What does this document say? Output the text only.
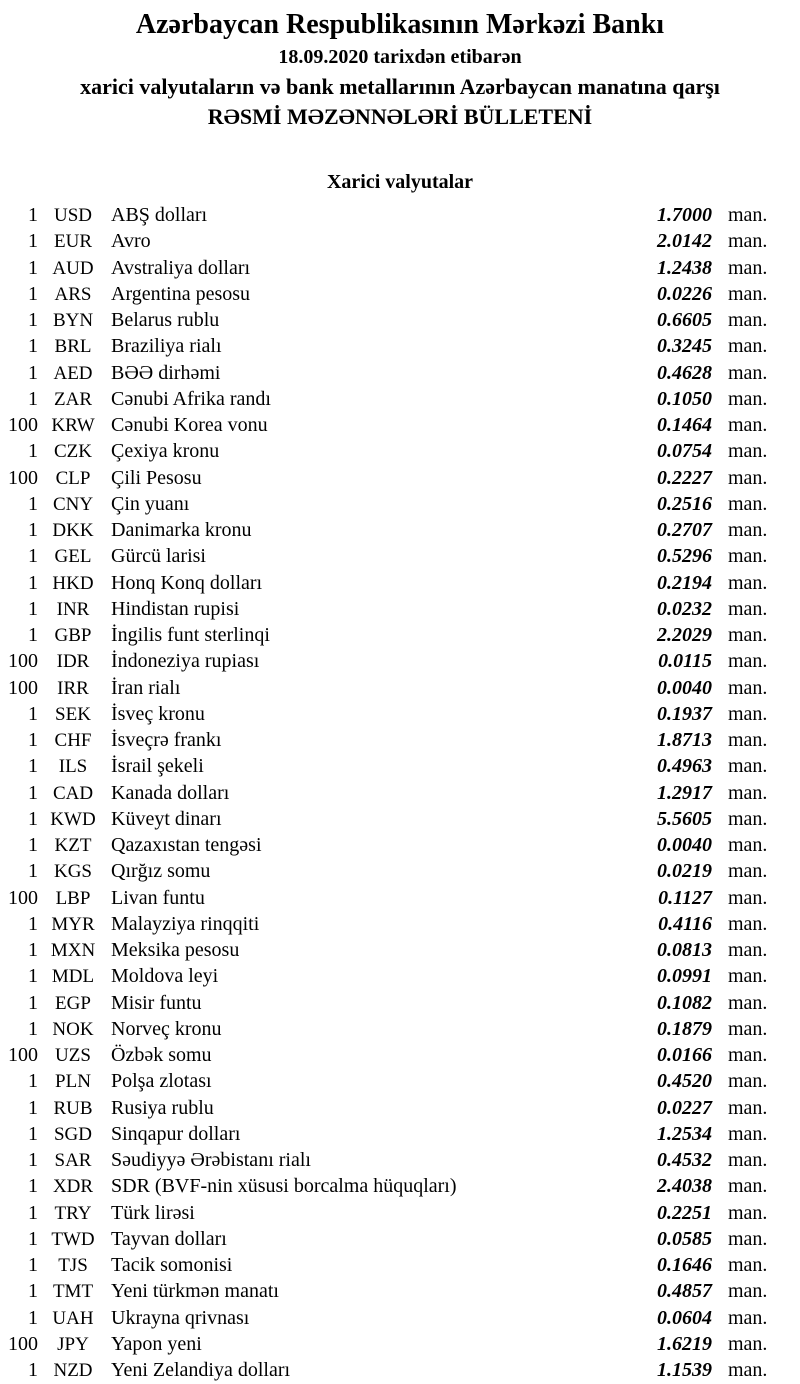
Azərbaycan Respublikasının Mərkəzi Bankı
18.09.2020 tarixdən etibarən
xarici valyutaların və bank metallarının Azərbaycan manatına qarşı
RƏSMİ MƏZƏNNƏLƏRİ BÜLLETENİ
Xarici valyutalar
1 USD ABŞ dolları	1.7000 man.
1 EUR Avro	2.0142 man.
1 AUD Avstraliya dolları	1.2438 man.
1 ARS Argentina pesosu	0.0226 man.
1 BYN Belarus rublu	0.6605 man.
1 BRL Braziliya rialı	0.3245 man.
1 AED BƏƏ dirhəmi	0.4628 man.
1 ZAR Cənubi Afrika randı	0.1050 man.
100 KRW Cənubi Korea vonu	0.1464 man.
1 CZK Çexiya kronu	0.0754 man.
100 CLP	Çili Pesosu	0.2227 man.
1 CNY Çin yuanı	0.2516 man.
1 DKK Danimarka kronu	0.2707 man.
1 GEL Gürcü larisi	0.5296 man.
1 HKD Honq Konq dolları	0.2194 man.
1 INR	Hindistan rupisi	0.0232 man.
1 GBP İngilis funt sterlinqi	2.2029 man.
100 IDR	İndoneziya rupiası	0.0115 man.
100	IRR	İran rialı	0.0040 man.
1 SEK	İsveç kronu	0.1937 man.
1 CHF İsveçrə frankı	1.8713 man.
1	ILS	İsrail şekeli	0.4963 man.
1 CAD Kanada dolları	1.2917 man.
1 KWD Küveyt dinarı	5.5605 man.
1 KZT Qazaxıstan tengəsi	0.0040 man.
1 KGS Qırğız somu	0.0219 man.
100 LBP	Livan funtu	0.1127 man.
1 MYR Malayziya rinqqiti	0.4116 man.
1 MXN Meksika pesosu	0.0813 man.
1 MDL Moldova leyi	0.0991 man.
1 EGP	Misir funtu	0.1082 man.
1 NOK Norveç kronu	0.1879 man.
100 UZS	Özbək somu	0.0166 man.
1 PLN	Polşa zlotası	0.4520 man.
1 RUB Rusiya rublu	0.0227 man.
1 SGD Sinqapur dolları	1.2534 man.
1 SAR Səudiyyə Ərəbistanı rialı	0.4532 man.
1 XDR SDR (BVF-nin xüsusi borcalma hüquqları)	2.4038 man.
1 TRY Türk lirəsi	0.2251 man.
1 TWD Tayvan dolları	0.0585 man.
1	TJS	Tacik somonisi	0.1646 man.
1 TMT Yeni türkmən manatı	0.4857 man.
1 UAH Ukrayna qrivnası	0.0604 man.
100	JPY	Yapon yeni	1.6219 man.
1 NZD Yeni Zelandiya dolları	1.1539 man.
